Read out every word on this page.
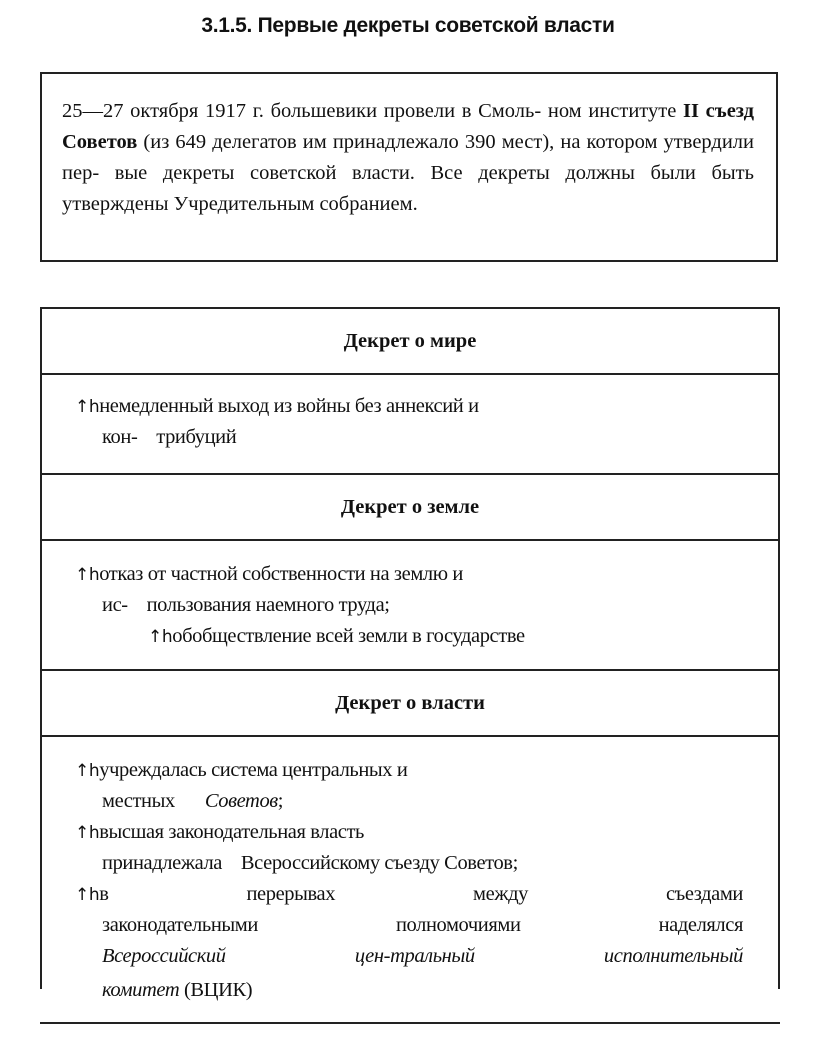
3.1.5. Первые декреты советской власти
25—27 октября 1917 г. большевики провели в Смоль- ном институте II съезд Советов (из 649 делегатов им принадлежало 390 мест), на котором утвердили пер- вые декреты советской власти. Все декреты должны были быть утверждены Учредительным собранием.
Декрет о мире
↑hнемедленный выход из войны без аннексий и
кон-    трибуций
Декрет о земле
↑hотказ от частной собственности на землю и
ис-    пользования наемного труда;
↑hобобществление всей земли в государстве
Декрет о власти
↑hучреждалась система центральных и
местных Советов;
↑hвысшая законодательная власть
принадлежала    Всероссийскому съезду Советов;
↑hв	перерывах	между	съездами
законодательными	полномочиями	наделялся
Всероссийский	цен-тральный	исполнительный
комитет (ВЦИК)
